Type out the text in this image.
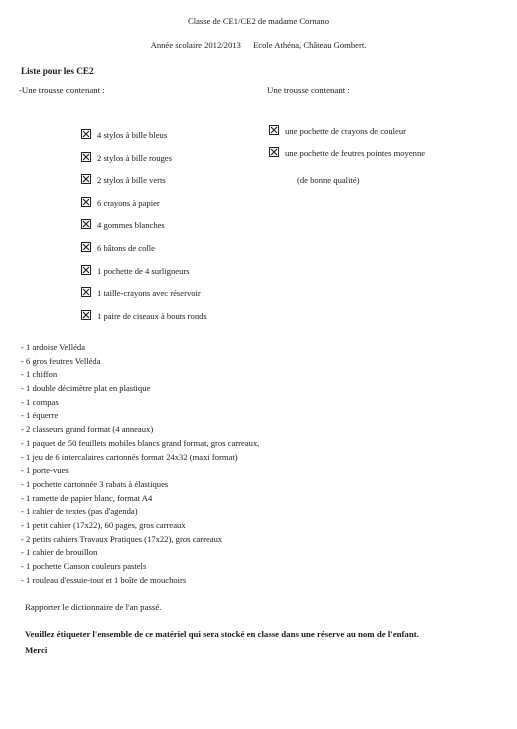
Classe de CE1/CE2 de madame Cornano
Année scolaire 2012/2013 Ecole Athéna, Château Gombert.
Liste pour les CE2
-Une trousse contenant :	Une trousse contenant :
4 stylos à bille bleus
2 stylos à bille rouges
2 stylos à bille verts
6 crayons à papier
4 gommes blanches
6 bâtons de colle
1 pochette de 4 surligneurs
1 taille-crayons avec réservoir
1 paire de ciseaux à bouts ronds
une pochette de crayons de couleur
une pochette de feutres pointes moyenne
(de bonne qualité)
- 1 ardoise Velléda
- 6 gros feutres Velléda
- 1 chiffon
- 1 double décimètre plat en plastique
- 1 compas
- 1 équerre
- 2 classeurs grand format (4 anneaux)
- 1 paquet de 50 feuillets mobiles blancs grand format, gros carreaux,
- 1 jeu de 6 intercalaires cartonnés format 24x32 (maxi format)
- 1 porte-vues
- 1 pochette cartonnée 3 rabats à élastiques
- 1 ramette de papier blanc, format A4
- 1 cahier de textes (pas d'agenda)
- 1 petit cahier (17x22), 60 pages, gros carreaux
- 2 petits cahiers Travaux Pratiques (17x22), gros carreaux
- 1 cahier de brouillon
- 1 pochette Canson couleurs pastels
- 1 rouleau d'essuie-tout et 1 boîte de mouchoirs
Rapporter le dictionnaire de l'an passé.
Veuillez étiqueter l'ensemble de ce matériel qui sera stocké en classe dans une réserve au nom de l'enfant.
Merci
